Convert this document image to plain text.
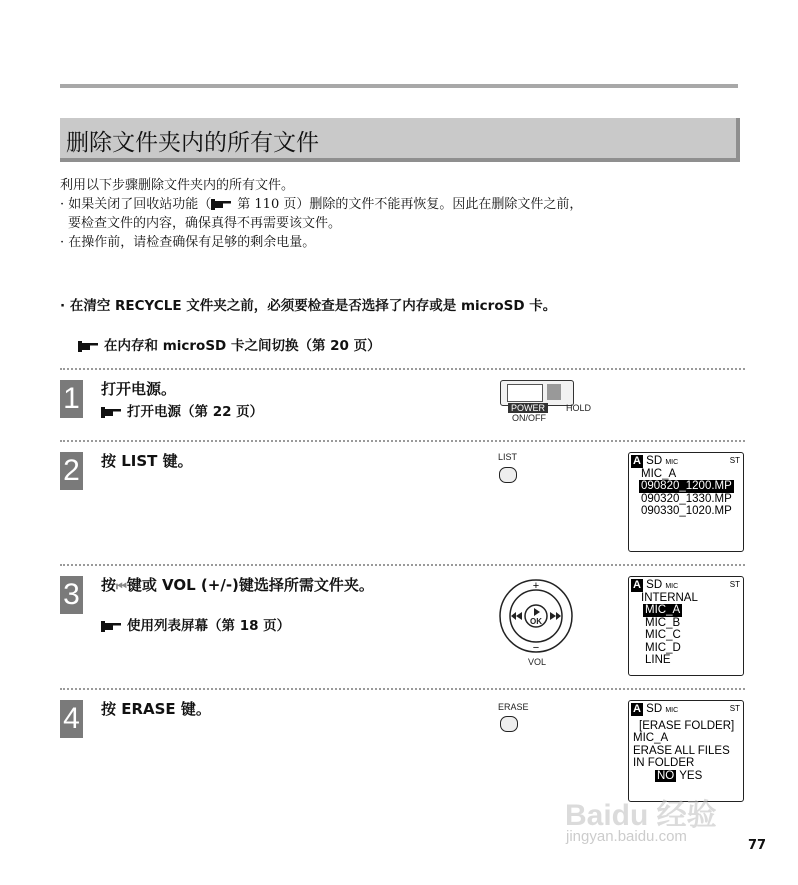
删除文件夹内的所有文件
利用以下步骤删除文件夹内的所有文件。
· 如果关闭了回收站功能（ 第 110 页）删除的文件不能再恢复。因此在删除文件之前，
要检查文件的内容，确保真得不再需要该文件。
· 在操作前，请检查确保有足够的剩余电量。
· 在清空 RECYCLE 文件夹之前，必须要检查是否选择了内存或是 microSD 卡。
在内存和 microSD 卡之间切换（第 20 页）
1 打开电源。
打开电源（第 22 页）	POWER	HOLD
ON/OFF
2 按 LIST 键。	LIST	A SD MIC	ST
MIC_A
090820_1200.MP
090320_1330.MP
090330_1020.MP
3 按⏮键或 VOL (+/-)键选择所需文件夹。
使用列表屏幕（第 18 页）
+
−
OK
VOL
A SD MIC	ST
INTERNAL
MIC_A
MIC_B
MIC_C
MIC_D
LINE
4 按 ERASE 键。	ERASE	A SD MIC	ST
[ERASE FOLDER]
MIC_A
ERASE ALL FILES
IN FOLDER
NO YES
Baidu 经验
jingyan.baidu.com
77
